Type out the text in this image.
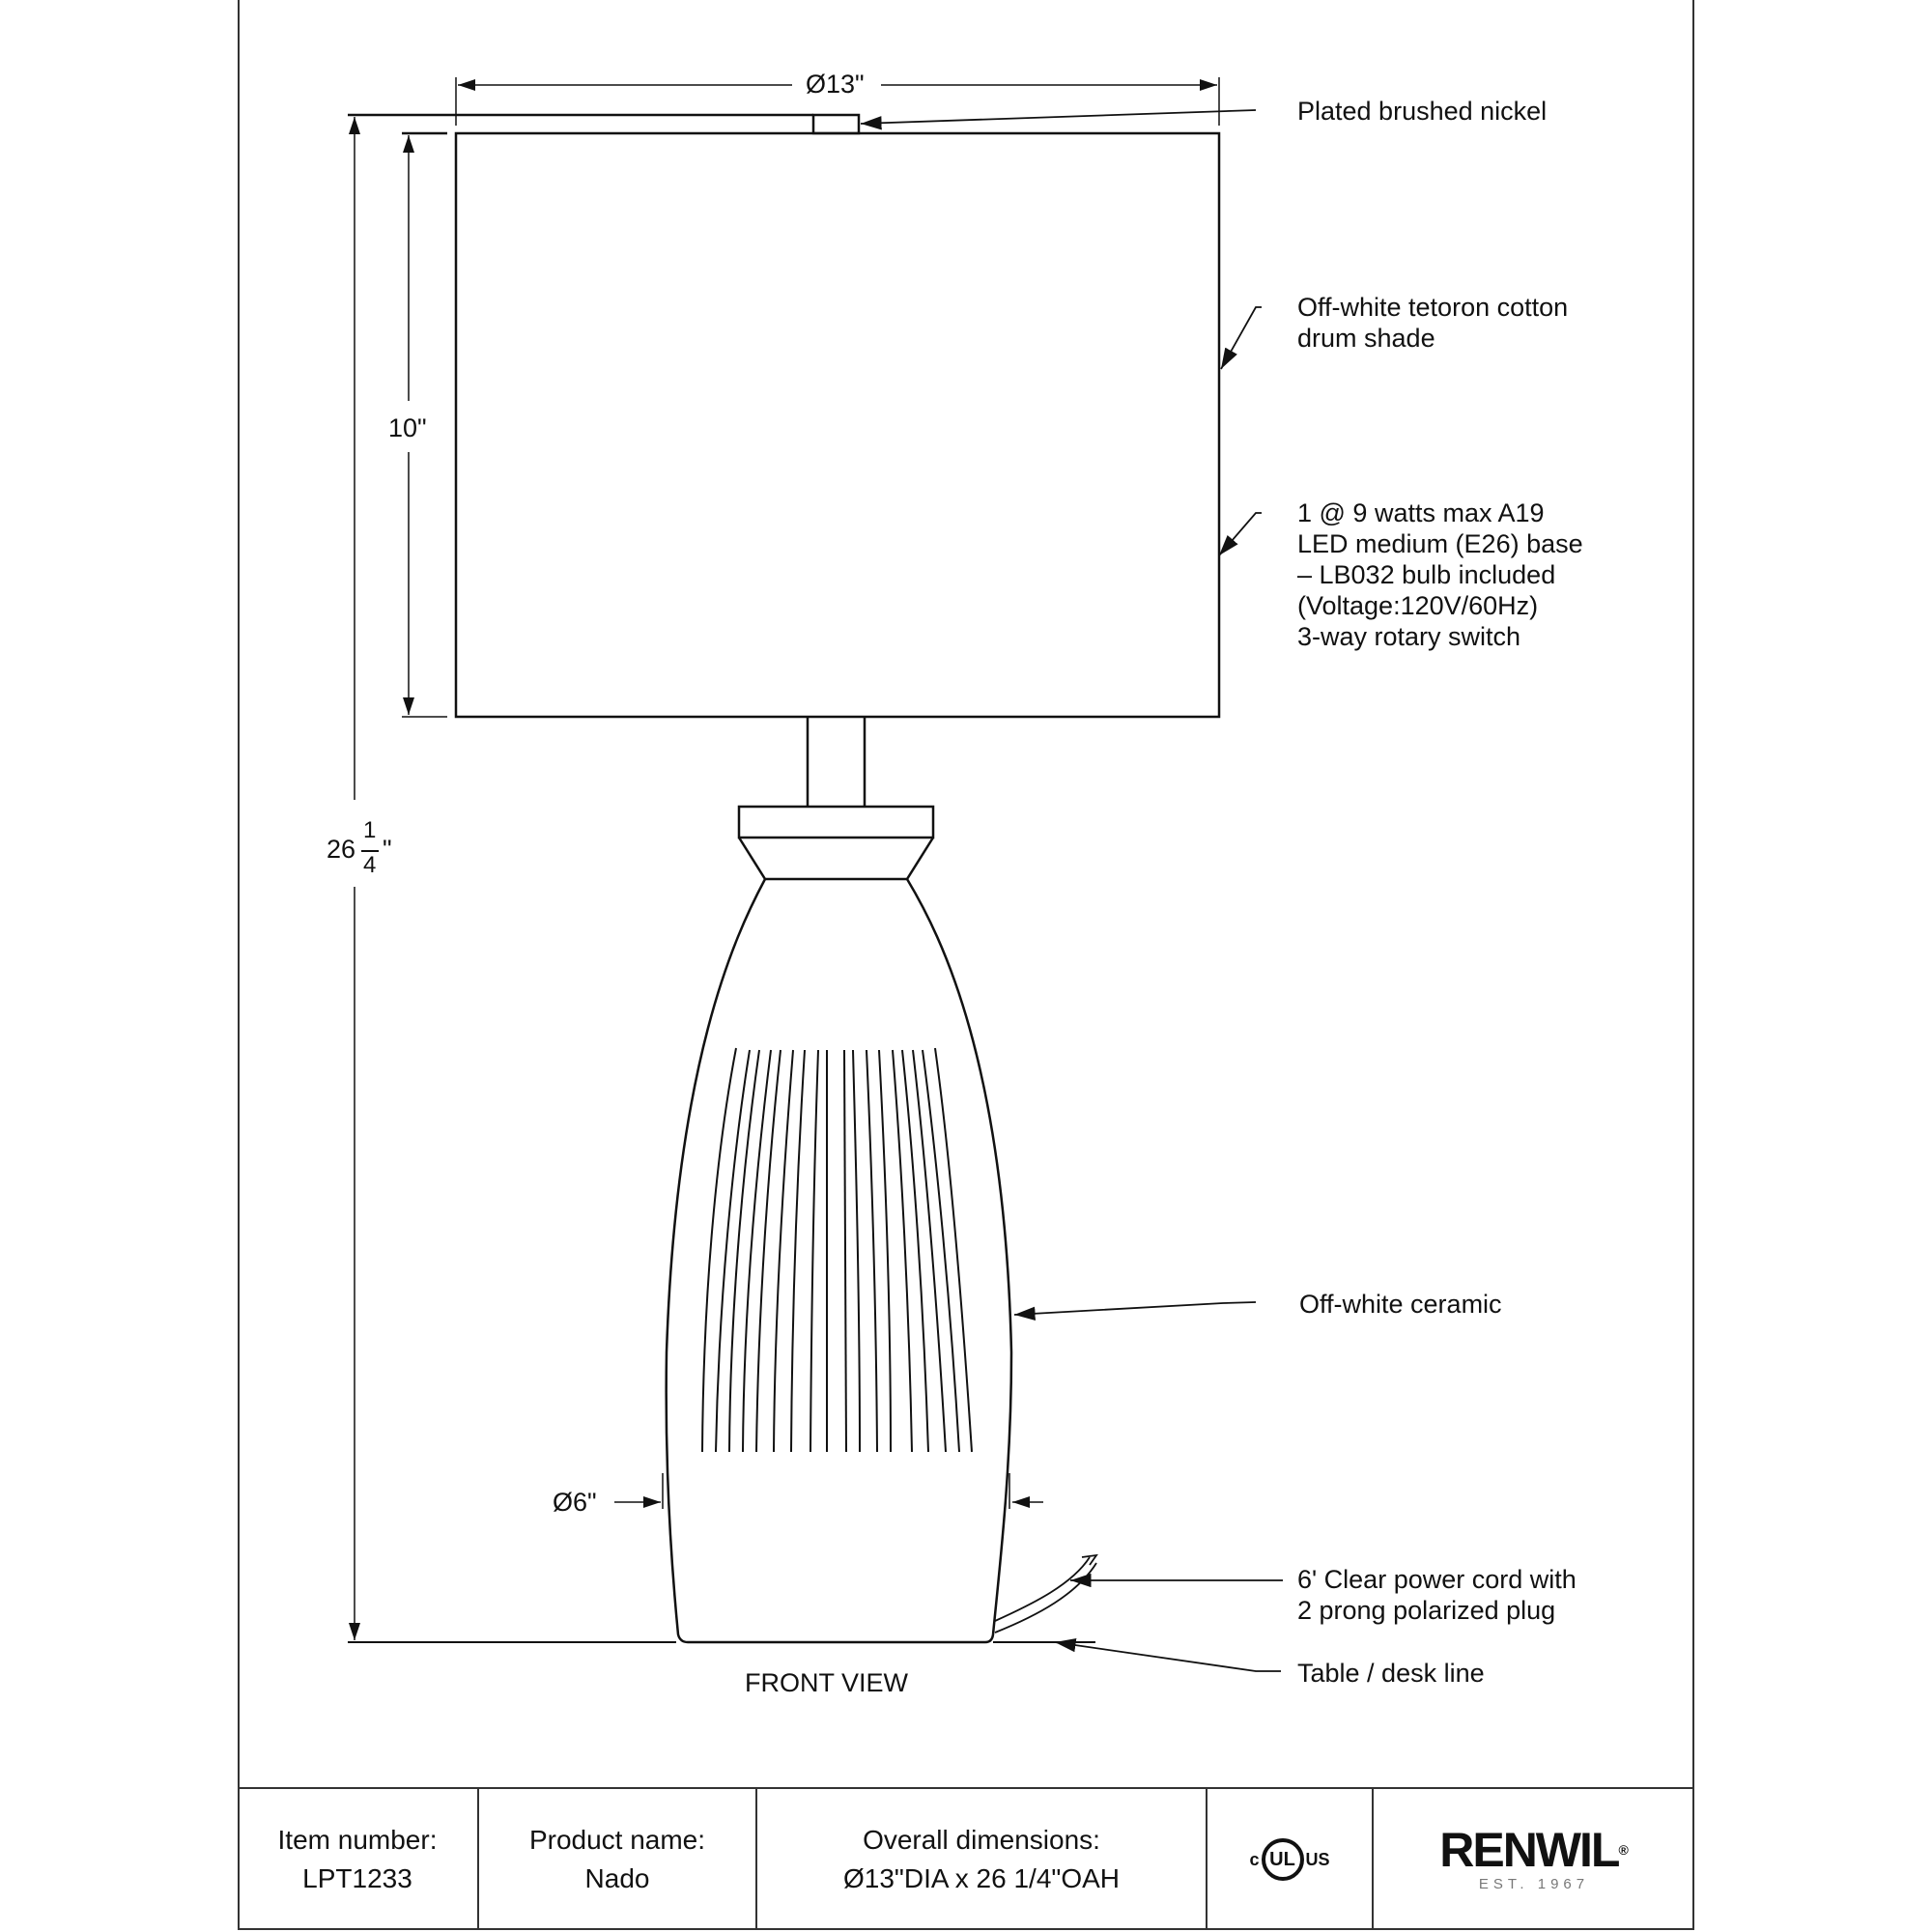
Ø13"
10"
26
1
4
"
Ø6"
Plated brushed nickel
Off-white tetoron cotton
drum shade
1 @ 9 watts max A19
LED medium (E26) base
– LB032 bulb included
(Voltage:120V/60Hz)
3-way rotary switch
Off-white ceramic
6' Clear power cord with
2 prong polarized plug
Table / desk line
FRONT VIEW
Item number:
LPT1233
Product name:
Nado
Overall dimensions:
Ø13"DIA x 26 1/4"OAH
c UL US RENWIL®
EST. 1967
